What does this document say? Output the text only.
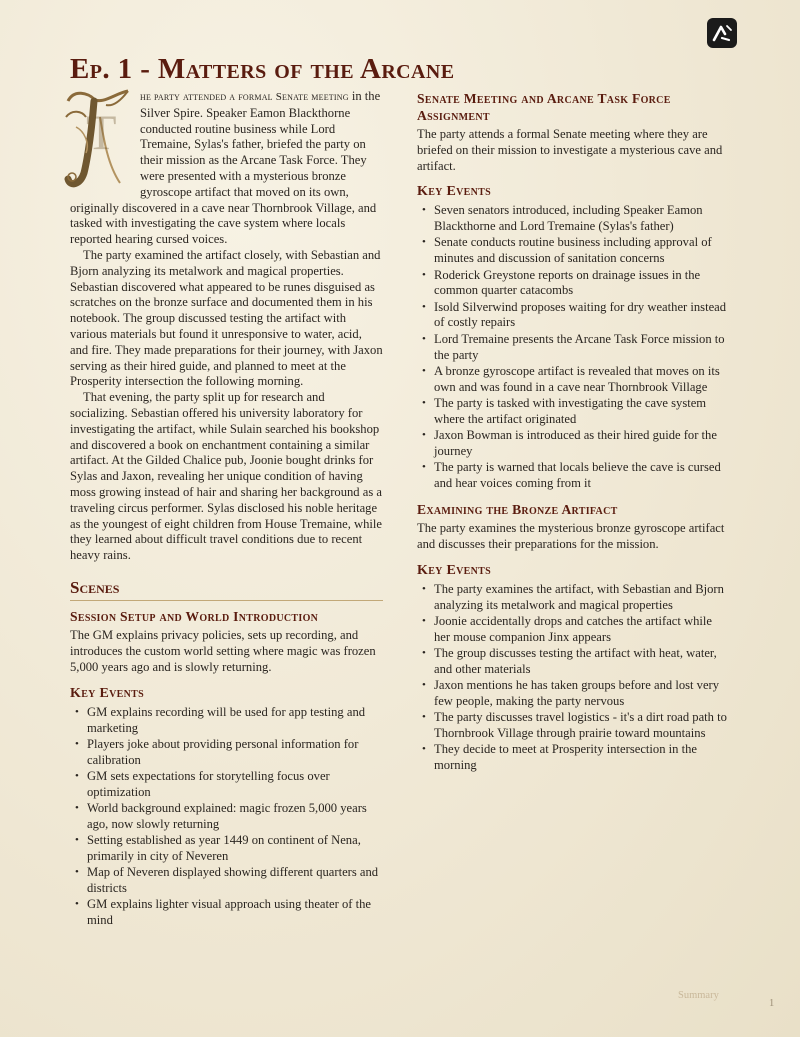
Ep. 1 - Matters of the Arcane

T
he party attended a formal Senate meeting in the Silver Spire. Speaker Eamon Blackthorne conducted routine business while Lord Tremaine, Sylas's father, briefed the party on their mission as the Arcane Task Force. They were presented with a mysterious bronze gyroscope artifact that moved on its own, originally discovered in a cave near Thornbrook Village, and tasked with investigating the cave system where locals reported hearing cursed voices.

The party examined the artifact closely, with Sebastian and Bjorn analyzing its metalwork and magical properties. Sebastian discovered what appeared to be runes disguised as scratches on the bronze surface and documented them in his notebook. The group discussed testing the artifact with various materials but found it unresponsive to water, acid, and fire. They made preparations for their journey, with Jaxon serving as their hired guide, and planned to meet at the Prosperity intersection the following morning.

That evening, the party split up for research and socializing. Sebastian offered his university laboratory for investigating the artifact, while Sulain searched his bookshop and discovered a book on enchantment containing a similar artifact. At the Gilded Chalice pub, Joonie bought drinks for Sylas and Jaxon, revealing her unique condition of having moss growing instead of hair and sharing her background as a traveling circus performer. Sylas disclosed his noble heritage as the youngest of eight children from House Tremaine, while they learned about difficult travel conditions due to recent heavy rains.

Scenes
Session Setup and World Introduction

The GM explains privacy policies, sets up recording, and introduces the custom world setting where magic was frozen 5,000 years ago and is slowly returning.

Key Events
• GM explains recording will be used for app testing and marketing
• Players joke about providing personal information for calibration
• GM sets expectations for storytelling focus over optimization
• World background explained: magic frozen 5,000 years ago, now slowly returning
• Setting established as year 1449 on continent of Nena, primarily in city of Neveren
• Map of Neveren displayed showing different quarters and districts
• GM explains lighter visual approach using theater of the mind
Senate Meeting and Arcane Task Force Assignment

The party attends a formal Senate meeting where they are briefed on their mission to investigate a mysterious cave and artifact.

Key Events
• Seven senators introduced, including Speaker Eamon Blackthorne and Lord Tremaine (Sylas's father)
• Senate conducts routine business including approval of minutes and discussion of sanitation concerns
• Roderick Greystone reports on drainage issues in the common quarter catacombs
• Isold Silverwind proposes waiting for dry weather instead of costly repairs
• Lord Tremaine presents the Arcane Task Force mission to the party
• A bronze gyroscope artifact is revealed that moves on its own and was found in a cave near Thornbrook Village
• The party is tasked with investigating the cave system where the artifact originated
• Jaxon Bowman is introduced as their hired guide for the journey
• The party is warned that locals believe the cave is cursed and hear voices coming from it
Examining the Bronze Artifact

The party examines the mysterious bronze gyroscope artifact and discusses their preparations for the mission.

Key Events
• The party examines the artifact, with Sebastian and Bjorn analyzing its metalwork and magical properties
• Joonie accidentally drops and catches the artifact while her mouse companion Jinx appears
• The group discusses testing the artifact with heat, water, and other materials
• Jaxon mentions he has taken groups before and lost very few people, making the party nervous
• The party discusses travel logistics - it's a dirt road path to Thornbrook Village through prairie toward mountains
• They decide to meet at Prosperity intersection in the morning
Summary
1
